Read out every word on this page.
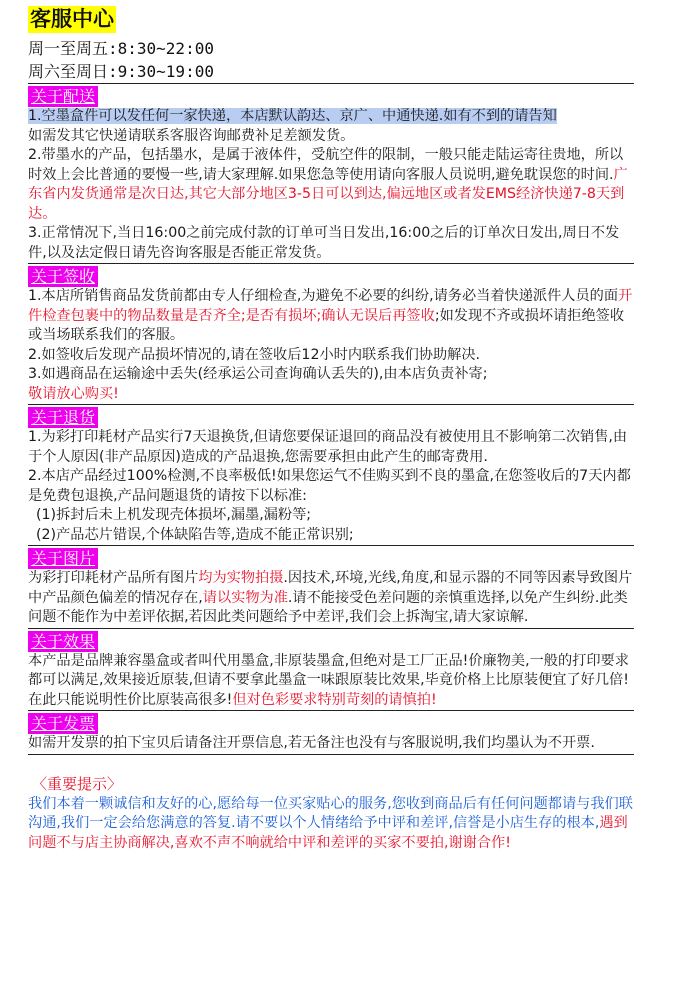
客服中心
周一至周五:8:30~22:00
周六至周日:9:30~19:00
关于配送
1.空墨盒件可以发任何一家快递，本店默认韵达、京广、中通快递.如有不到的请告知
如需发其它快递请联系客服咨询邮费补足差额发货。
2.带墨水的产品，包括墨水，是属于液体件，受航空件的限制，一般只能走陆运寄往贵地，所以时效上会比普通的要慢一些,请大家理解.如果您急等使用请向客服人员说明,避免耽误您的时间.广东省内发货通常是次日达,其它大部分地区3-5日可以到达,偏远地区或者发EMS经济快递7-8天到达。
3.正常情况下,当日16:00之前完成付款的订单可当日发出,16:00之后的订单次日发出,周日不发件,以及法定假日请先咨询客服是否能正常发货。
关于签收
1.本店所销售商品发货前都由专人仔细检查,为避免不必要的纠纷,请务必当着快递派件人员的面开件检查包裹中的物品数量是否齐全;是否有损坏;确认无误后再签收;如发现不齐或损坏请拒绝签收或当场联系我们的客服。
2.如签收后发现产品损坏情况的,请在签收后12小时内联系我们协助解决.
3.如遇商品在运输途中丢失(经承运公司查询确认丢失的),由本店负责补寄;
敬请放心购买!
关于退货
1.为彩打印耗材产品实行7天退换货,但请您要保证退回的商品没有被使用且不影响第二次销售,由于个人原因(非产品原因)造成的产品退换,您需要承担由此产生的邮寄费用.
2.本店产品经过100%检测,不良率极低!如果您运气不佳购买到不良的墨盒,在您签收后的7天内都是免费包退换,产品问题退货的请按下以标准:
(1)拆封后未上机发现壳体损坏,漏墨,漏粉等;
(2)产品芯片错误,个体缺陷告等,造成不能正常识别;
关于图片
为彩打印耗材产品所有图片均为实物拍摄.因技术,环境,光线,角度,和显示器的不同等因素导致图片中产品颜色偏差的情况存在,请以实物为准.请不能接受色差问题的亲慎重选择,以免产生纠纷.此类问题不能作为中差评依据,若因此类问题给予中差评,我们会上拆淘宝,请大家谅解.
关于效果
本产品是品牌兼容墨盒或者叫代用墨盒,非原装墨盒,但绝对是工厂正品!价廉物美,一般的打印要求都可以满足,效果接近原装,但请不要拿此墨盒一味跟原装比效果,毕竟价格上比原装便宜了好几倍!在此只能说明性价比原装高很多!但对色彩要求特别苛刻的请慎拍!
关于发票
如需开发票的拍下宝贝后请备注开票信息,若无备注也没有与客服说明,我们均墨认为不开票.
〈重要提示〉
我们本着一颗诚信和友好的心,愿给每一位买家贴心的服务,您收到商品后有任何问题都请与我们联沟通,我们一定会给您满意的答复.请不要以个人情绪给予中评和差评,信誉是小店生存的根本,遇到问题不与店主协商解决,喜欢不声不响就给中评和差评的买家不要拍,谢谢合作!
